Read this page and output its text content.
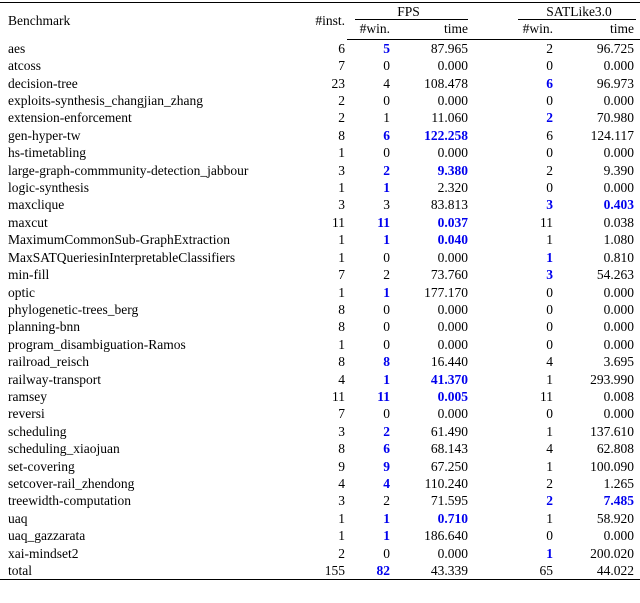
Benchmark	#inst.	FPS		SATLike3.0	
		#win.	time	#win.	time
aes	6	5	87.965	2	96.725
atcoss	7	0	0.000	0	0.000
decision-tree	23	4	108.478	6	96.973
exploits-synthesis_changjian_zhang	2	0	0.000	0	0.000
extension-enforcement	2	1	11.060	2	70.980
gen-hyper-tw	8	6	122.258	6	124.117
hs-timetabling	1	0	0.000	0	0.000
large-graph-commmunity-detection_jabbour	3	2	9.380	2	9.390
logic-synthesis	1	1	2.320	0	0.000
maxclique	3	3	83.813	3	0.403
maxcut	11	11	0.037	11	0.038
MaximumCommonSub-GraphExtraction	1	1	0.040	1	1.080
MaxSATQueriesinInterpretableClassifiers	1	0	0.000	1	0.810
min-fill	7	2	73.760	3	54.263
optic	1	1	177.170	0	0.000
phylogenetic-trees_berg	8	0	0.000	0	0.000
planning-bnn	8	0	0.000	0	0.000
program_disambiguation-Ramos	1	0	0.000	0	0.000
railroad_reisch	8	8	16.440	4	3.695
railway-transport	4	1	41.370	1	293.990
ramsey	11	11	0.005	11	0.008
reversi	7	0	0.000	0	0.000
scheduling	3	2	61.490	1	137.610
scheduling_xiaojuan	8	6	68.143	4	62.808
set-covering	9	9	67.250	1	100.090
setcover-rail_zhendong	4	4	110.240	2	1.265
treewidth-computation	3	2	71.595	2	7.485
uaq	1	1	0.710	1	58.920
uaq_gazzarata	1	1	186.640	0	0.000
xai-mindset2	2	0	0.000	1	200.020
total	155	82	43.339	65	44.022
